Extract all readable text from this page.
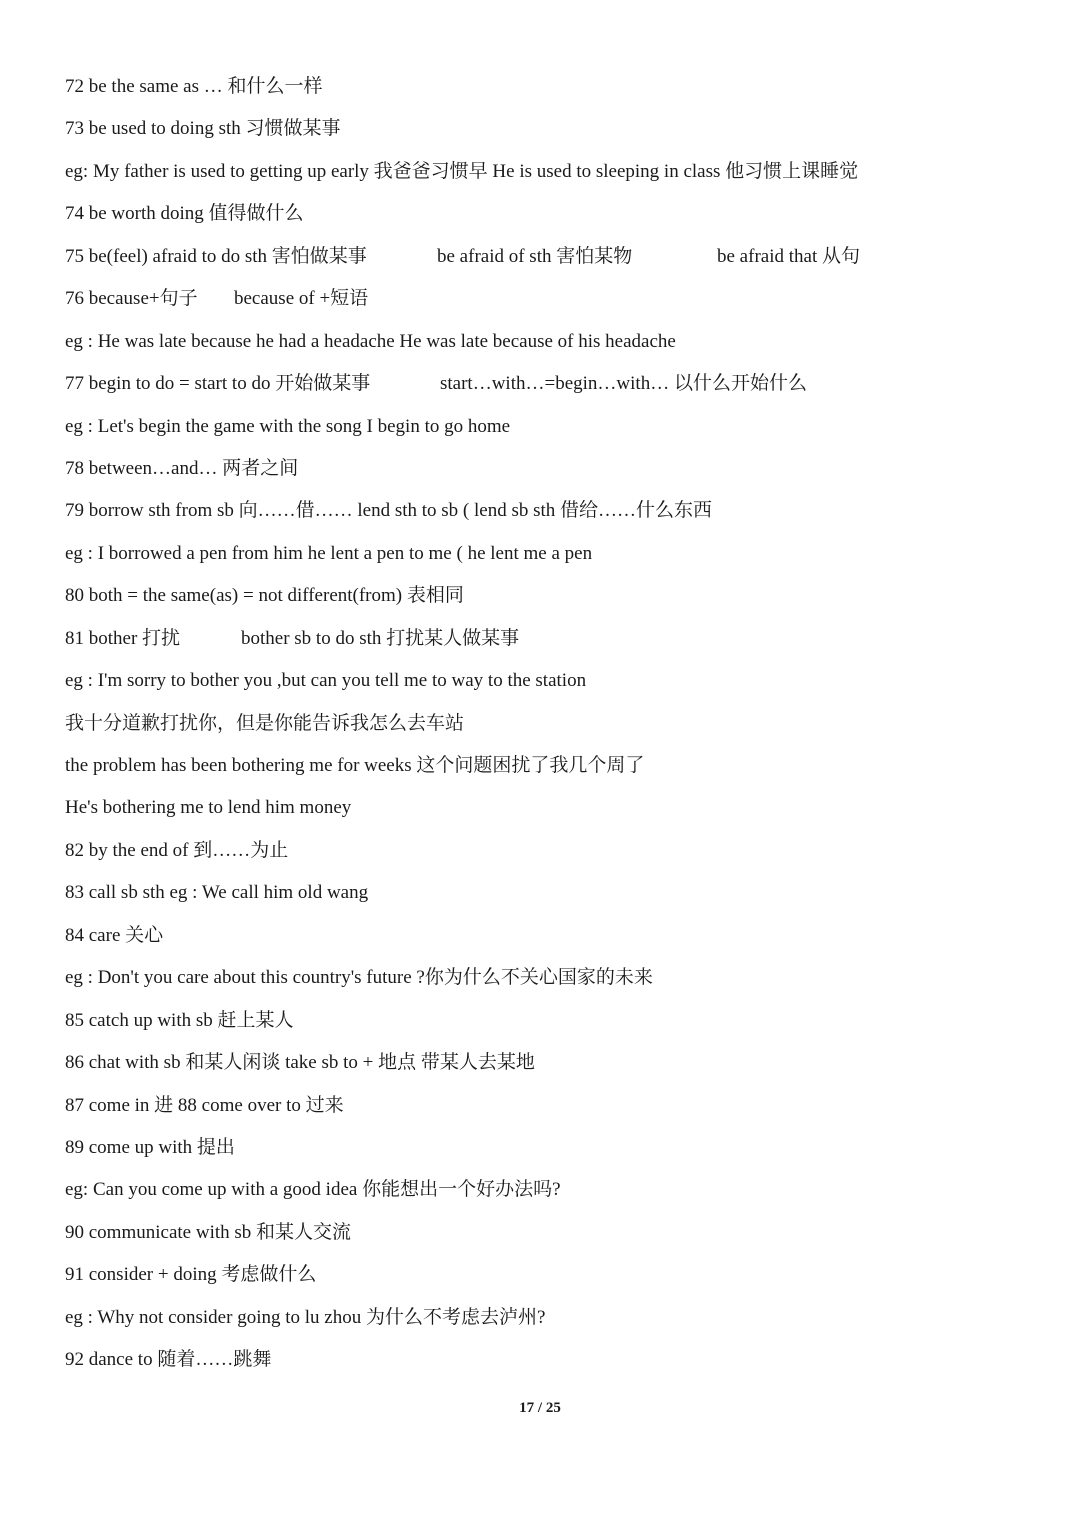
72 be the same as … 和什么一样
73 be used to doing sth 习惯做某事
eg: My father is used to getting up early 我爸爸习惯早 He is used to sleeping in class 他习惯上课睡觉
74 be worth doing 值得做什么
75 be(feel) afraid to do sth 害怕做某事	be afraid of sth 害怕某物	be afraid that 从句
76 because+句子 because of +短语
eg : He was late because he had a headache He was late because of his headache
77 begin to do = start to do 开始做某事	start…with…=begin…with… 以什么开始什么
eg : Let's begin the game with the song I begin to go home
78 between…and… 两者之间
79 borrow sth from sb 向……借…… lend sth to sb ( lend sb sth 借给……什么东西
eg : I borrowed a pen from him he lent a pen to me ( he lent me a pen
80 both = the same(as) = not different(from) 表相同
81 bother 打扰	bother sb to do sth 打扰某人做某事
eg : I'm sorry to bother you ,but can you tell me to way to the station
我十分道歉打扰你，但是你能告诉我怎么去车站
the problem has been bothering me for weeks 这个问题困扰了我几个周了
He's bothering me to lend him money
82 by the end of 到……为止
83 call sb sth eg : We call him old wang
84 care 关心
eg : Don't you care about this country's future ?你为什么不关心国家的未来
85 catch up with sb 赶上某人
86 chat with sb 和某人闲谈 take sb to + 地点 带某人去某地
87 come in 进 88 come over to 过来
89 come up with 提出
eg: Can you come up with a good idea 你能想出一个好办法吗?
90 communicate with sb 和某人交流
91 consider + doing 考虑做什么
eg : Why not consider going to lu zhou 为什么不考虑去泸州?
92 dance to 随着……跳舞
17 / 25
